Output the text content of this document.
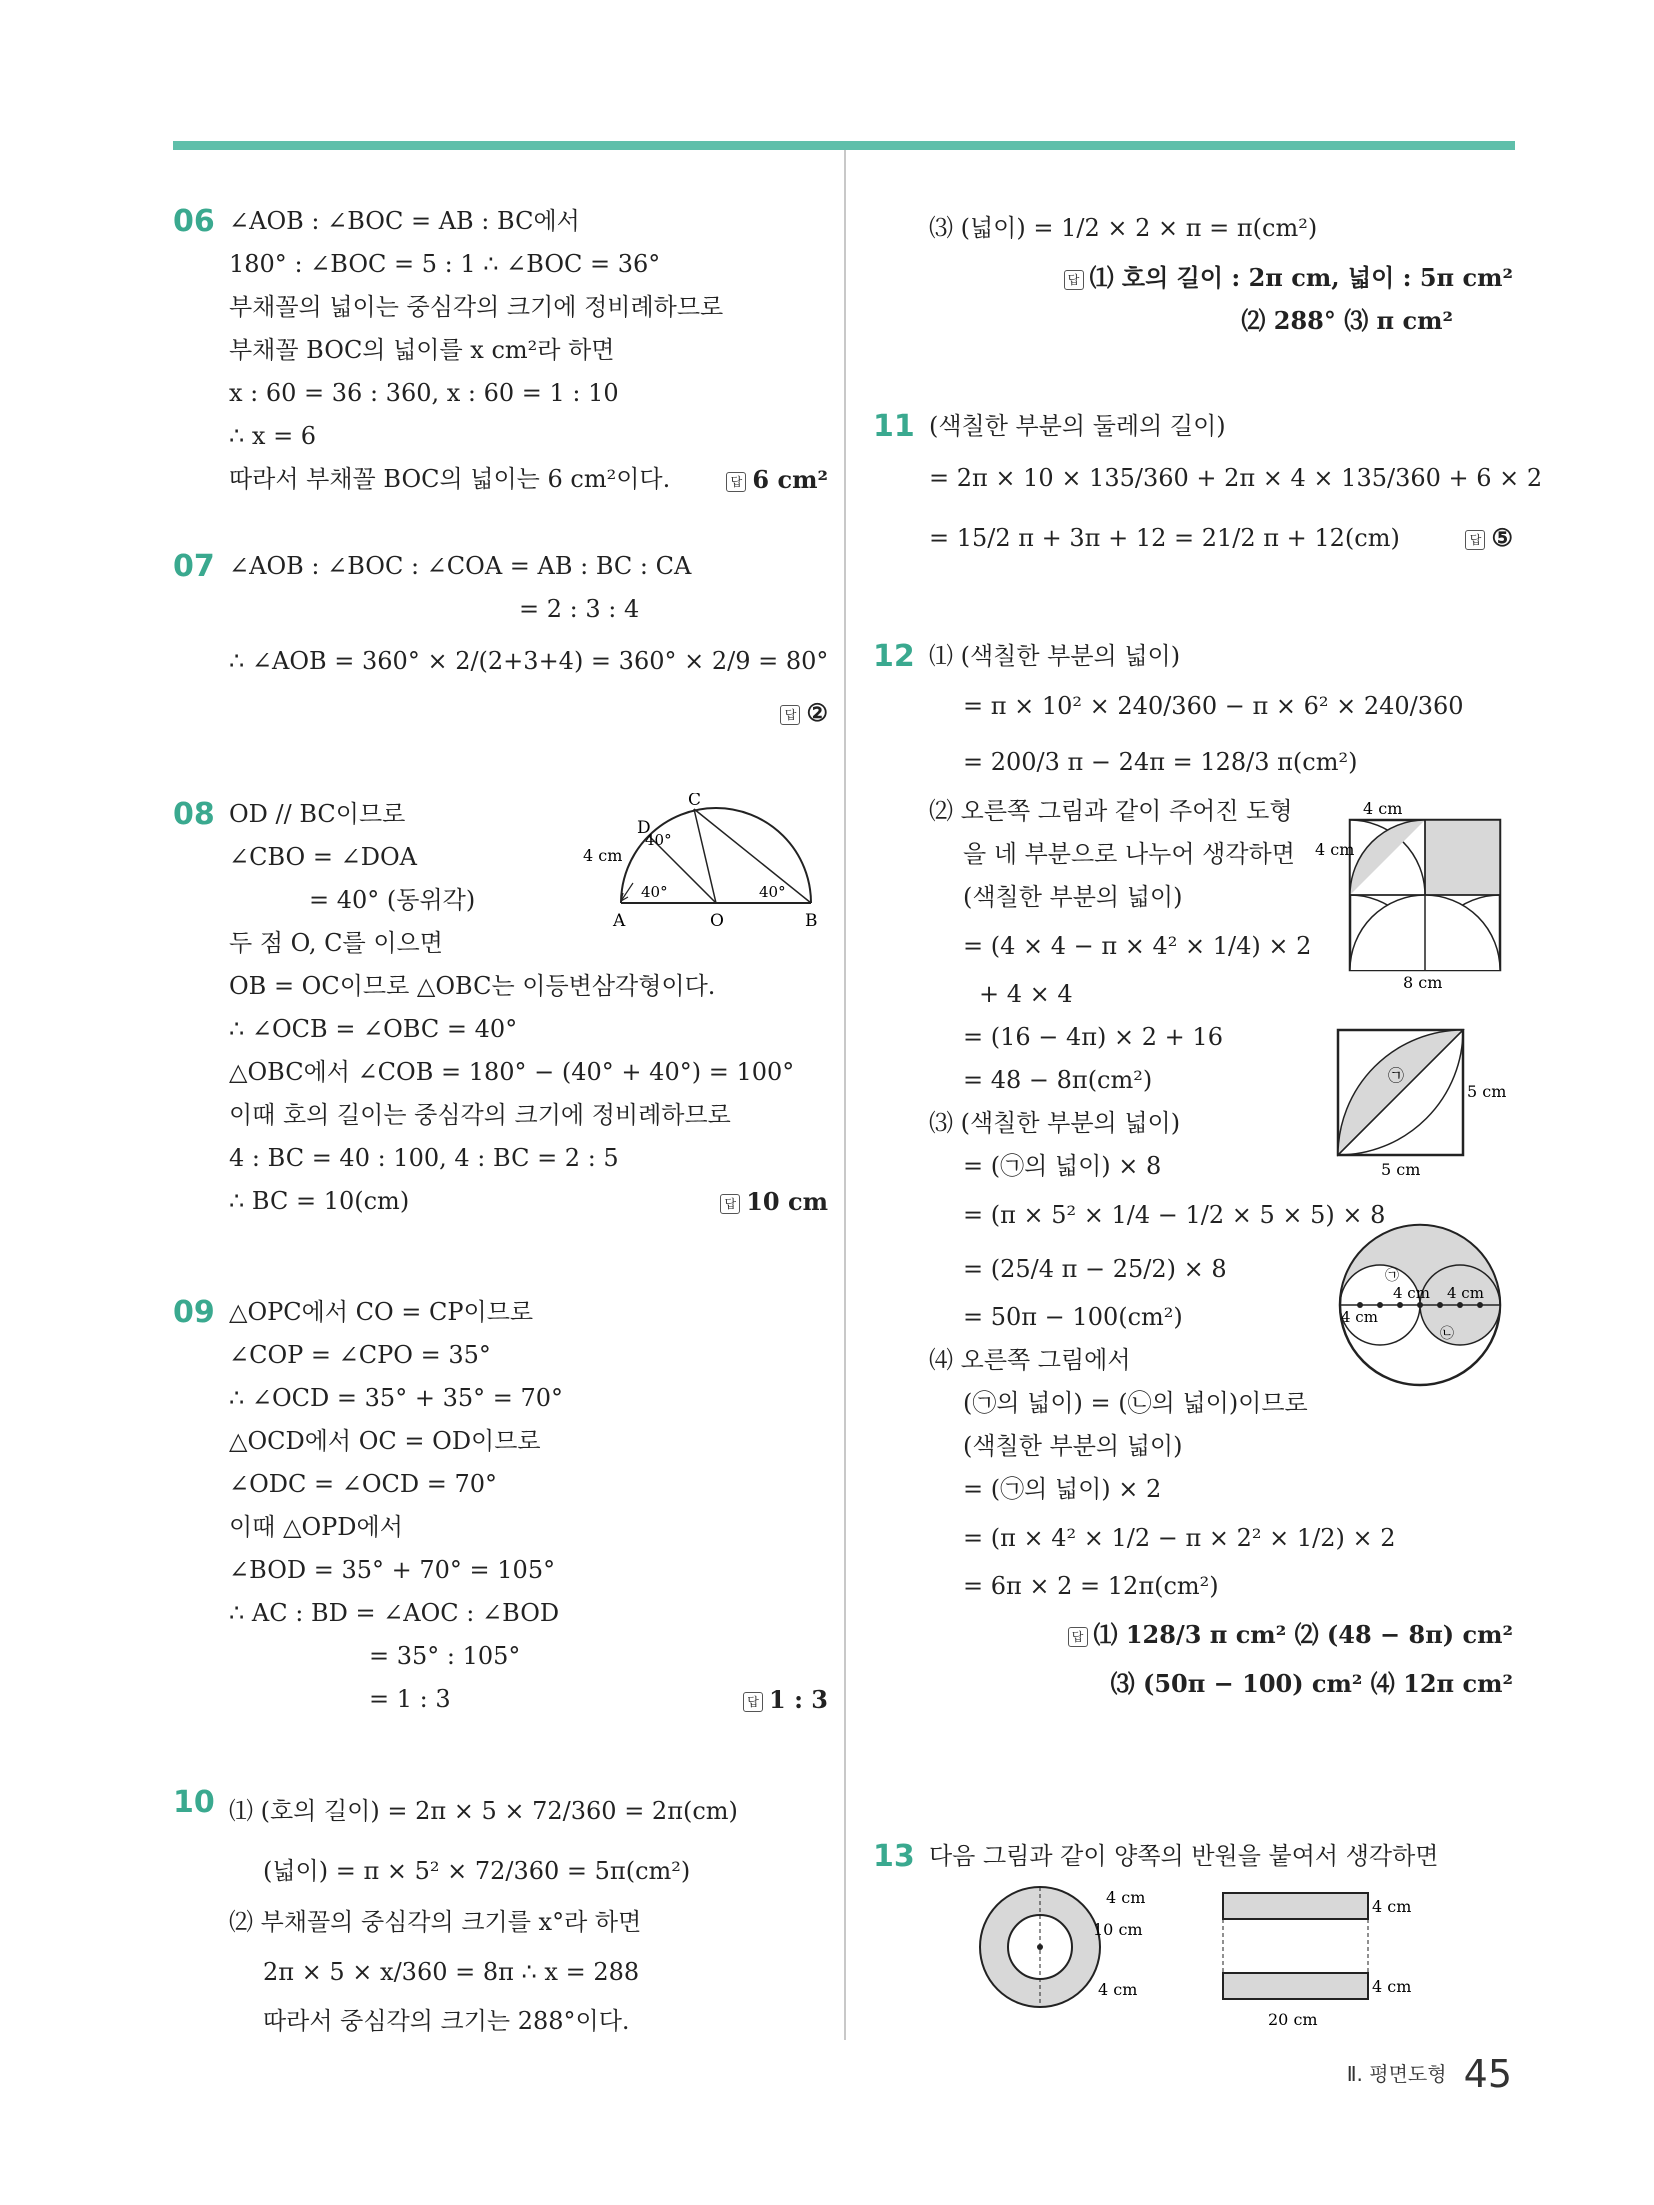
06 ∠AOB : ∠BOC = AB : BC에서
180° : ∠BOC = 5 : 1 ∴ ∠BOC = 36°
부채꼴의 넓이는 중심각의 크기에 정비례하므로
부채꼴 BOC의 넓이를 x cm²라 하면
x : 60 = 36 : 360, x : 60 = 1 : 10
∴ x = 6
따라서 부채꼴 BOC의 넓이는 6 cm²이다.	답 6 cm²
07 ∠AOB : ∠BOC : ∠COA = AB : BC : CA
= 2 : 3 : 4
∴ ∠AOB = 360° × 2/(2+3+4) = 360° × 2/9 = 80°
답 ②
08 OD // BC이므로
∠CBO = ∠DOA
= 40° (동위각)
두 점 O, C를 이으면
OB = OC이므로 △OBC는 이등변삼각형이다.
∴ ∠OCB = ∠OBC = 40°
△OBC에서 ∠COB = 180° − (40° + 40°) = 100°
이때 호의 길이는 중심각의 크기에 정비례하므로
4 : BC = 40 : 100, 4 : BC = 2 : 5
∴ BC = 10(cm)	답 10 cm
4 cm
40°
40°	40°
A	O	B
C
D
09 △OPC에서 CO = CP이므로
∠COP = ∠CPO = 35°
∴ ∠OCD = 35° + 35° = 70°
△OCD에서 OC = OD이므로
∠ODC = ∠OCD = 70°
이때 △OPD에서
∠BOD = 35° + 70° = 105°
∴ AC : BD = ∠AOC : ∠BOD
= 35° : 105°
= 1 : 3	답 1 : 3
10 ⑴ (호의 길이) = 2π × 5 × 72/360 = 2π(cm)
(넓이) = π × 5² × 72/360 = 5π(cm²)
⑵ 부채꼴의 중심각의 크기를 x°라 하면
2π × 5 × x/360 = 8π ∴ x = 288
따라서 중심각의 크기는 288°이다.
⑶ (넓이) = 1/2 × 2 × π = π(cm²)
답 ⑴ 호의 길이 : 2π cm, 넓이 : 5π cm²
⑵ 288° ⑶ π cm²
11 (색칠한 부분의 둘레의 길이)
= 2π × 10 × 135/360 + 2π × 4 × 135/360 + 6 × 2
= 15/2 π + 3π + 12 = 21/2 π + 12(cm)	답 ⑤
12 ⑴ (색칠한 부분의 넓이)
= π × 10² × 240/360 − π × 6² × 240/360
= 200/3 π − 24π = 128/3 π(cm²)
⑵ 오른쪽 그림과 같이 주어진 도형
을 네 부분으로 나누어 생각하면
(색칠한 부분의 넓이)
= (4 × 4 − π × 4² × 1/4) × 2
+ 4 × 4
= (16 − 4π) × 2 + 16
= 48 − 8π(cm²)
⑶ (색칠한 부분의 넓이)
= (㉠의 넓이) × 8
= (π × 5² × 1/4 − 1/2 × 5 × 5) × 8
= (25/4 π − 25/2) × 8
= 50π − 100(cm²)
⑷ 오른쪽 그림에서
(㉠의 넓이) = (㉡의 넓이)이므로
(색칠한 부분의 넓이)
= (㉠의 넓이) × 2
= (π × 4² × 1/2 − π × 2² × 1/2) × 2
= 6π × 2 = 12π(cm²)
답 ⑴ 128/3 π cm² ⑵ (48 − 8π) cm²
⑶ (50π − 100) cm² ⑷ 12π cm²
4 cm
4 cm
8 cm
㉠
5 cm
5 cm
㉠
㉡
4 cm 4 cm
4 cm
13 다음 그림과 같이 양쪽의 반원을 붙여서 생각하면
4 cm
10 cm
4 cm
4 cm
4 cm
20 cm
Ⅱ. 평면도형 45
